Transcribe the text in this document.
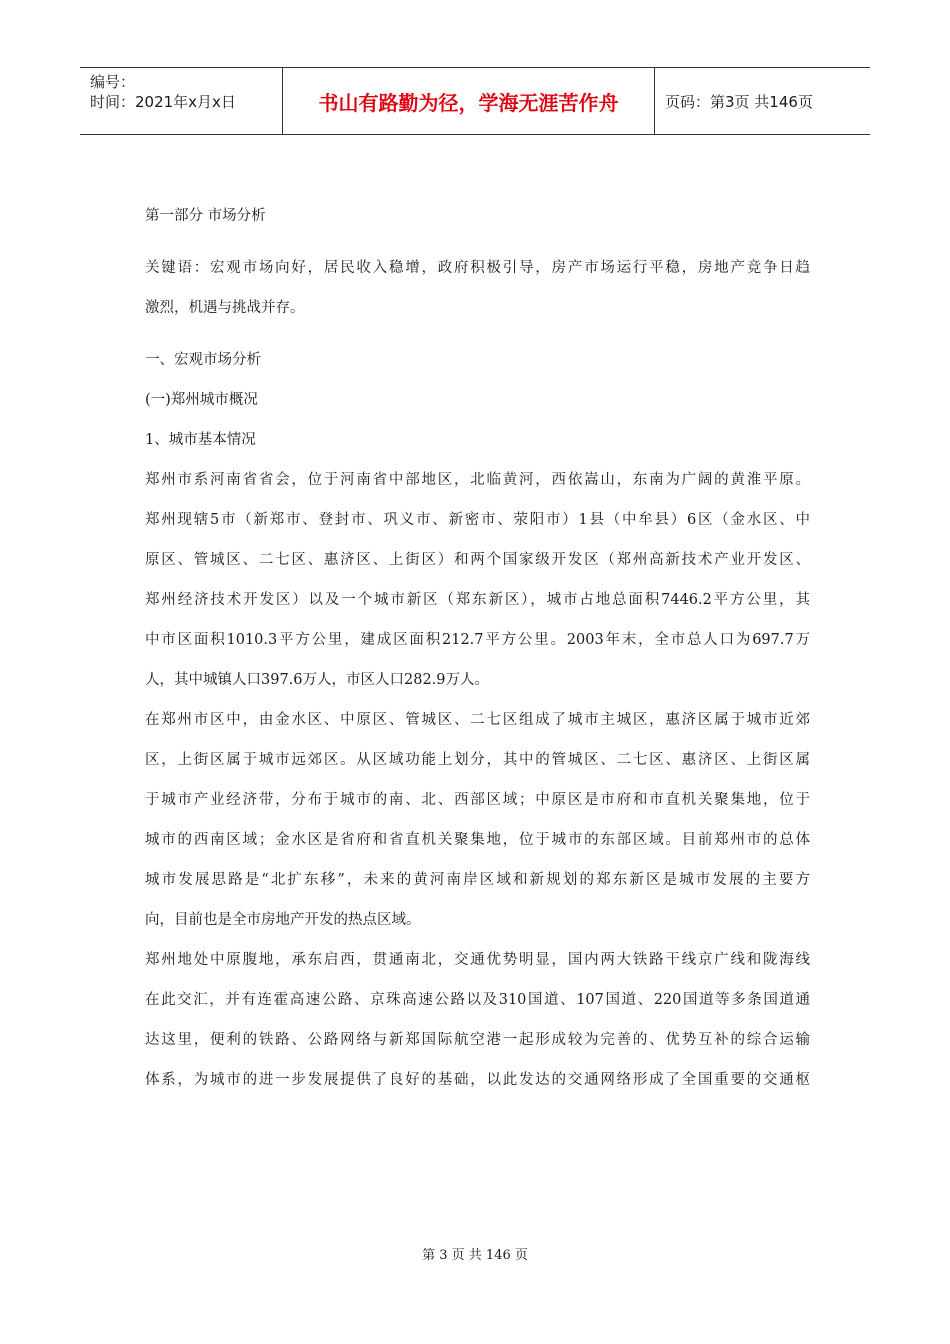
编号：
时间：2021年x月x日	书山有路勤为径，学海无涯苦作舟	页码：第3页 共146页
第一部分 市场分析
关键语：宏观市场向好，居民收入稳增，政府积极引导，房产市场运行平稳，房地产竞争日趋
激烈，机遇与挑战并存。
一、宏观市场分析
(一)郑州城市概况
1、城市基本情况
郑州市系河南省省会，位于河南省中部地区，北临黄河，西依嵩山，东南为广阔的黄淮平原。
郑州现辖5市（新郑市、登封市、巩义市、新密市、荥阳市）1县（中牟县）6区（金水区、中
原区、管城区、二七区、惠济区、上街区）和两个国家级开发区（郑州高新技术产业开发区、
郑州经济技术开发区）以及一个城市新区（郑东新区），城市占地总面积7446.2平方公里，其
中市区面积1010.3平方公里，建成区面积212.7平方公里。2003年末，全市总人口为697.7万
人，其中城镇人口397.6万人，市区人口282.9万人。
在郑州市区中，由金水区、中原区、管城区、二七区组成了城市主城区，惠济区属于城市近郊
区，上街区属于城市远郊区。从区域功能上划分，其中的管城区、二七区、惠济区、上街区属
于城市产业经济带，分布于城市的南、北、西部区域；中原区是市府和市直机关聚集地，位于
城市的西南区域；金水区是省府和省直机关聚集地，位于城市的东部区域。目前郑州市的总体
城市发展思路是“北扩东移”，未来的黄河南岸区域和新规划的郑东新区是城市发展的主要方
向，目前也是全市房地产开发的热点区域。
郑州地处中原腹地，承东启西，贯通南北，交通优势明显，国内两大铁路干线京广线和陇海线
在此交汇，并有连霍高速公路、京珠高速公路以及310国道、107国道、220国道等多条国道通
达这里，便利的铁路、公路网络与新郑国际航空港一起形成较为完善的、优势互补的综合运输
体系，为城市的进一步发展提供了良好的基础，以此发达的交通网络形成了全国重要的交通枢
第 3 页 共 146 页
